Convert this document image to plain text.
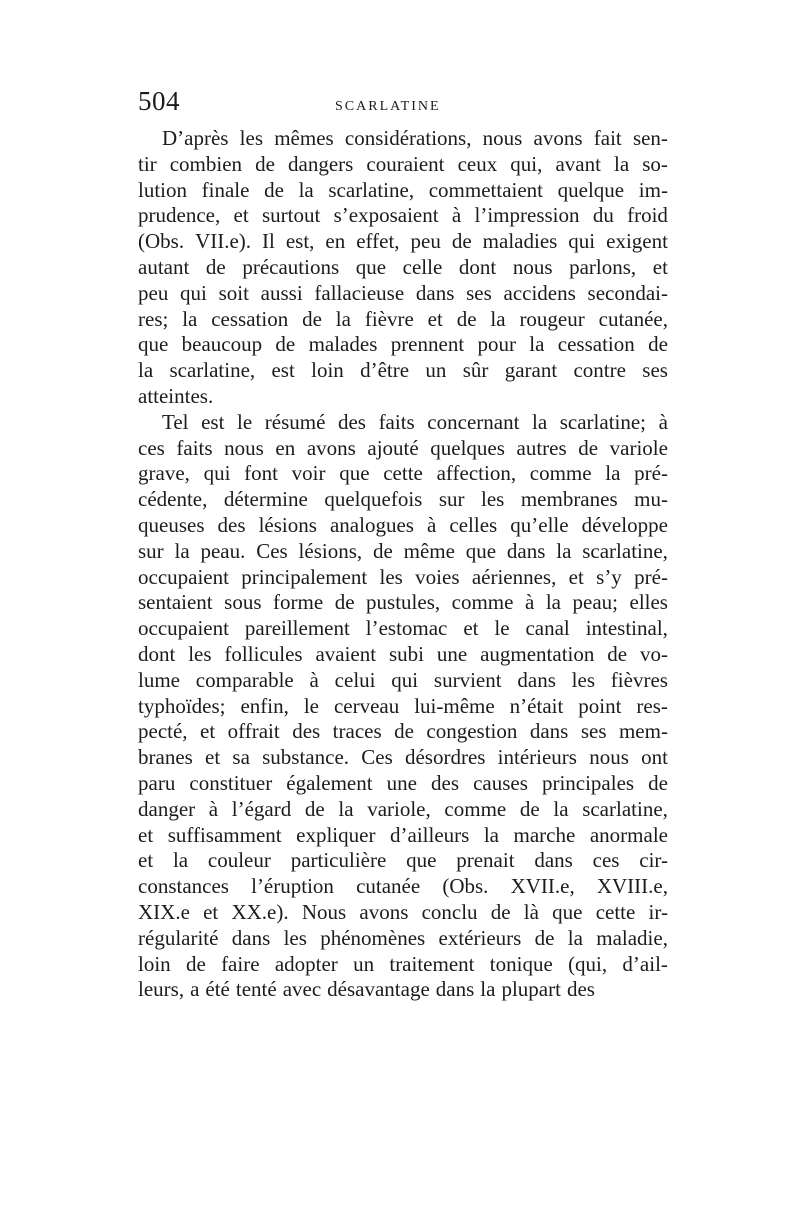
504	SCARLATINE
D’après les mêmes considérations, nous avons fait sen-
tir combien de dangers couraient ceux qui, avant la so-
lution finale de la scarlatine, commettaient quelque im-
prudence, et surtout s’exposaient à l’impression du froid
(Obs. VII.e). Il est, en effet, peu de maladies qui exigent
autant de précautions que celle dont nous parlons, et
peu qui soit aussi fallacieuse dans ses accidens secondai-
res; la cessation de la fièvre et de la rougeur cutanée,
que beaucoup de malades prennent pour la cessation de
la scarlatine, est loin d’être un sûr garant contre ses
atteintes.
Tel est le résumé des faits concernant la scarlatine; à
ces faits nous en avons ajouté quelques autres de variole
grave, qui font voir que cette affection, comme la pré-
cédente, détermine quelquefois sur les membranes mu-
queuses des lésions analogues à celles qu’elle développe
sur la peau. Ces lésions, de même que dans la scarlatine,
occupaient principalement les voies aériennes, et s’y pré-
sentaient sous forme de pustules, comme à la peau; elles
occupaient pareillement l’estomac et le canal intestinal,
dont les follicules avaient subi une augmentation de vo-
lume comparable à celui qui survient dans les fièvres
typhoïdes; enfin, le cerveau lui-même n’était point res-
pecté, et offrait des traces de congestion dans ses mem-
branes et sa substance. Ces désordres intérieurs nous ont
paru constituer également une des causes principales de
danger à l’égard de la variole, comme de la scarlatine,
et suffisamment expliquer d’ailleurs la marche anormale
et la couleur particulière que prenait dans ces cir-
constances l’éruption cutanée (Obs. XVII.e, XVIII.e,
XIX.e et XX.e). Nous avons conclu de là que cette ir-
régularité dans les phénomènes extérieurs de la maladie,
loin de faire adopter un traitement tonique (qui, d’ail-
leurs, a été tenté avec désavantage dans la plupart des
